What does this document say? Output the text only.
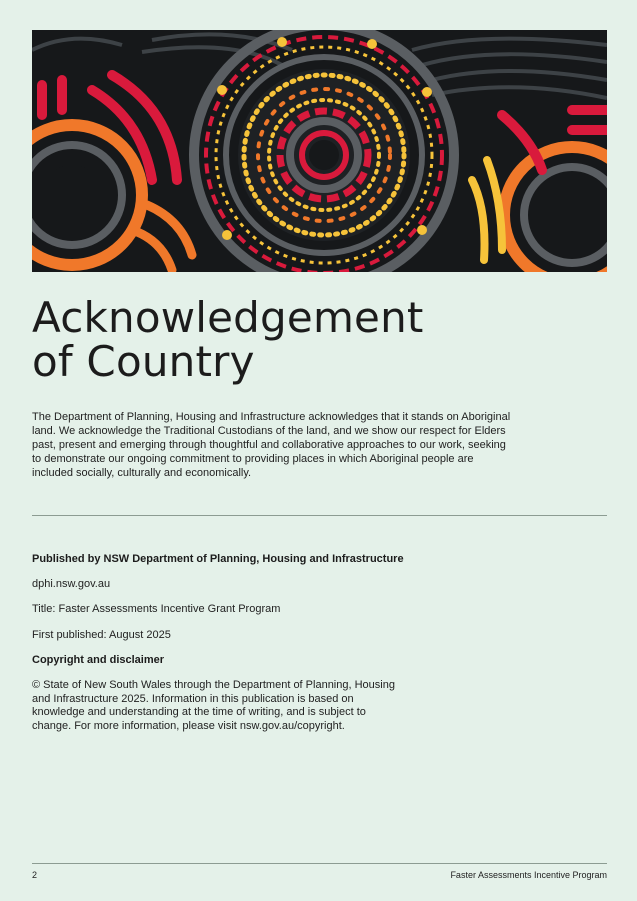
Acknowledgement
of Country

The Department of Planning, Housing and Infrastructure acknowledges that it stands on Aboriginal land. We acknowledge the Traditional Custodians of the land, and we show our respect for Elders past, present and emerging through thoughtful and collaborative approaches to our work, seeking to demonstrate our ongoing commitment to providing places in which Aboriginal people are included socially, culturally and economically.

Published by NSW Department of Planning, Housing and Infrastructure

dphi.nsw.gov.au

Title: Faster Assessments Incentive Grant Program

First published: August 2025

Copyright and disclaimer

© State of New South Wales through the Department of Planning, Housing and Infrastructure 2025. Information in this publication is based on knowledge and understanding at the time of writing, and is subject to change. For more information, please visit nsw.gov.au/copyright.

2	Faster Assessments Incentive Program
